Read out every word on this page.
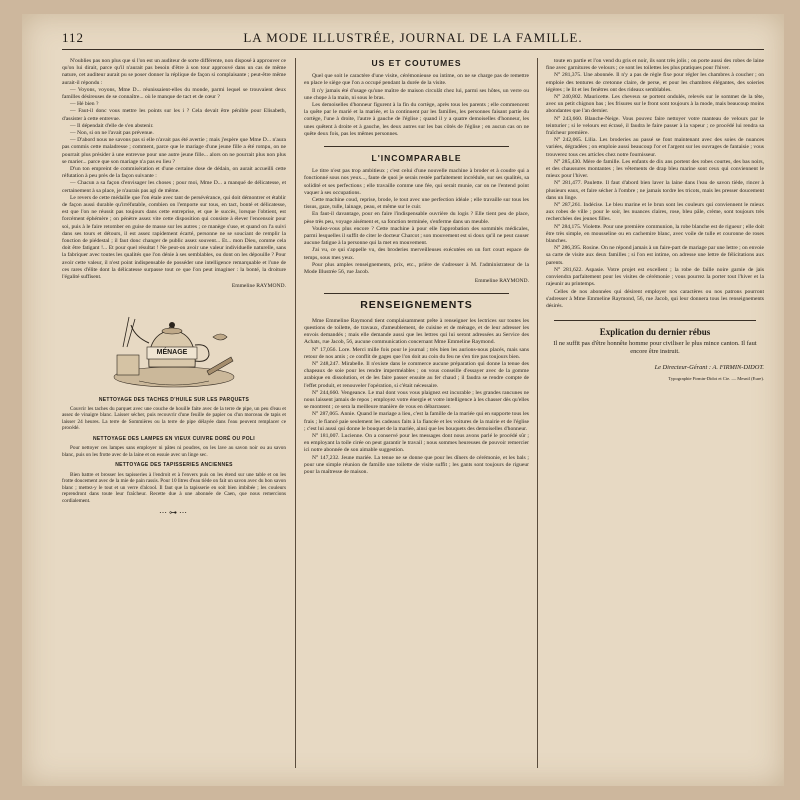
112	LA MODE ILLUSTRÉE, JOURNAL DE LA FAMILLE.

N'oublies pas non plus que si l'on est un auditeur de sorte différente, non disposé à approuver ce qu'on lui dirait, parce qu'il n'aurait pas besoin d'être à son tour approuvé dans un cas de même nature, cet auditeur aurait pu se poser donner la réplique de façon si complaisante ; peut-être même aurait-il répondu :

— Voyons, voyons, Mme D... réunissaient-elles du monde, parmi lequel se trouvaient deux familles désireuses de se connaître... où le manque de tact et de cœur ?

— Hé bien ?

— Faut-il donc vous mettre les points sur les i ? Cela devait être pénible pour Elisabeth, d'assister à cette entrevue.

— Il dépendait d'elle de s'en abstenir.

— Non, si on ne l'avait pas prévenue.

— D'abord nous ne savons pas si elle n'avait pas été avertie ; mais j'espère que Mme D... n'aura pas commis cette maladresse ; comment, parce que le mariage d'une jeune fille a été rompu, on ne pourrait plus présider à une entrevue pour une autre jeune fille... alors on ne pourrait plus non plus se marier... parce que son mariage n'a pas eu lieu ?

D'un ton empreint de commisération et d'une certaine dose de dédain, on aurait accueilli cette réfutation à peu près de la façon suivante :

— Chacun a sa façon d'envisager les choses ; pour moi, Mme D... a manqué de délicatesse, et certainement à sa place, je n'aurais pas agi de même.

Le revers de cette médaille que l'on étale avec tant de persévérance, qui doit démontrer et établir de façon aussi durable qu'irréfutable, combien on l'emporte sur tous, en tact, bonté et délicatesse, est que l'on ne réussit pas toujours dans cette entreprise, et que le succès, lorsque l'obtient, est forcément éphémère ; on pénètre assez vite cette disposition qui consiste à élever l'encensoir pour soi, puis à le faire retomber en guise de masse sur les autres ; ce manège s'use, et quand on l'a suivi dans ses tours et détours, il est assez rapidement écarté, personne ne se souciant de remplir la fonction de piédestal ; il faut donc changer de public assez souvent... Et... mon Dieu, comme cela doit être fatigant !... Et pour quel résultat ! Ne peut-on avoir une valeur individuelle naturelle, sans la fabriquer avec toutes les qualités que l'on dénie à ses semblables, ou dont on les dépouille ? Pour avoir cette valeur, il n'est point indispensable de posséder une intelligence remarquable et l'une de ces rares d'élite dont la délicatesse surpasse tout ce que l'on peut imaginer : la bonté, la droiture l'égalité suffisent.

Emmeline RAYMOND.
MÉNAGE
NETTOYAGE DES TACHES D'HUILE SUR LES PARQUETS

Couvrir les taches du parquet avec une couche de houille faite avec de la terre de pipe, un peu d'eau et assez de vinaigre blanc. Laisser sécher, puis recouvrir d'une feuille de papier ou d'un morceau de tapis et laisser 24 heures. La terre de Sommières ou la terre de pipe délayée dans l'eau peuvent remplacer ce procédé.

NETTOYAGE DES LAMPES EN VIEUX CUIVRE DORÉ OU POLI

Pour nettoyer ces lampes sans employer ni pâtes ni poudres, on les lave au savon noir ou au savon blanc, puis on les frotte avec de la laine et on essuie avec un linge sec.

NETTOYAGE DES TAPISSERIES ANCIENNES

Bien battre et brosser les tapisseries à l'endroit et à l'envers puis on les étend sur une table et on les frotte doucement avec de la mie de pain rassis. Pour 10 litres d'eau tiède on fait un savon avec du bon savon blanc ; mettez-y le tout et un verre d'alcool. Il faut que la tapisserie en soit bien imbibée ; les couleurs reprendront dans toute leur fraîcheur. Recette due à une abonnée de Caen, que nous remercions cordialement.

⋯⊶⋯
US ET COUTUMES

Quel que soit le caractère d'une visite, cérémonieuse ou intime, on ne se charge pas de remettre en place le siège que l'on a occupé pendant la durée de la visite.

Il n'y jamais été d'usage qu'une maître de maison circulât chez lui, parmi ses hôtes, un verre ou une chope à la main, ni sous le bras.

Les demoiselles d'honneur figurent à la fin du cortège, après tous les parents ; elle commencent la quête par le marié et la mariée, et la continuent par les familles, les personnes faisant partie du cortège, l'une à droite, l'autre à gauche de l'église ; quand il y a quatre demoiselles d'honneur, les unes quêtent à droite et à gauche, les deux autres sur les bas côtés de l'église ; en aucun cas on ne quête deux fois, pas les mêmes personnes.

L'INCOMPARABLE

Le titre n'est pas trop ambitieux ; c'est celui d'une nouvelle machine à broder et à coudre qui a fonctionné sous nos yeux..., faute de quoi je serais restée parfaitement incrédule, sur ses qualités, sa solidité et ses perfections ; elle travaille comme une fée, qui serait munie, car on ne l'entend point vaquer à ses occupations.

Cette machine coud, reprise, brode, le tout avec une perfection idéale ; elle travaille sur tous les tissus, gaze, tulle, lainage, peau, et même sur le cuir.

En faut-il davantage, pour en faire l'indispensable ouvrière du logis ? Elle tient peu de place, pèse très peu, voyage aisément et, sa fonction terminée, s'enferme dans un meuble.

Voulez-vous plus encore ? Cette machine à pour elle l'approbation des sommités médicales, parmi lesquelles il suffit de citer le docteur Charcot ; son mouvement est si doux qu'il ne peut causer aucune fatigue à la personne qui la met en mouvement.

J'ai vu, ce qui s'appelle vu, des broderies merveilleuses exécutées en un fort court espace de temps, sous mes yeux.

Pour plus amples renseignements, prix, etc., prière de s'adresser à M. l'administrateur de la Mode Illustrée 56, rue Jacob.

Emmeline RAYMOND.
RENSEIGNEMENTS

Mme Emmeline Raymond tient complaisamment prête à renseigner les lectrices sur toutes les questions de toilette, de travaux, d'ameublement, de cuisine et de ménage, et de leur adresser les envois demandés ; mais elle demande aussi que les lettres qui lui seront adressées au Service des Achats, rue Jacob, 56, aucune communication concernant Mme Emmeline Raymond.

N° 17,056. Lore. Merci mille fois pour le journal ; très bien les aurions-nous placés, mais sans retour de nos amis ; ce conflit de gages que l'on doit au coin du feu ne s'en tire pas toujours bien.

N° 248,247. Mirabelle. Il n'existe dans le commerce aucune préparation qui donne la tenue des chapeaux de soie pour les rendre imperméables ; on vous conseille d'essayer avec de la gomme arabique en dissolution, et de les faire passer ensuite au fer chaud ; il faudra se rendre compte de l'effet produit, et renouveler l'opération, si c'était nécessaire.

N° 244,660. Vengeance. Le mal dont vous vous plaignez est incurable ; les grandes rancunes ne nous laissent jamais de repos ; employez votre énergie et votre intelligence à les chasser dès qu'elles se montrent ; ce sera la meilleure manière de vous en débarrasser.

N° 287,065. Annie. Quand le mariage a lieu, c'est la famille de la mariée qui en supporte tous les frais ; le fiancé paie seulement les cadeaux faits à la fiancée et les voitures de la mairie et de l'église ; c'est lui aussi qui donne le bouquet de la mariée, ainsi que les bouquets des demoiselles d'honneur.

N° 181,007. Lucienne. On a conservé pour les messages dont nous avons parlé le procédé sûr ; en employant la toile cirée on peut garantir le travail ; nous sommes heureuses de pouvoir remercier ici notre abonnée de son aimable suggestion.

N° 147,232. Jeune mariée. La tenue ne se donne que pour les dîners de cérémonie, et les bals ; pour une simple réunion de famille une toilette de visite suffit ; les gants sont toujours de rigueur pour la maîtresse de maison.

toute en partie et l'on vend du gris et noir, ils sont très jolis ; on porte aussi des robes de laine fine avec garnitures de velours ; ce sont les toilettes les plus pratiques pour l'hiver.

N° 281,375. Une abonnée. Il n'y a pas de règle fixe pour régler les chambres à coucher ; on emploie des tentures de cretonne claire, de perse, et pour les chambres élégantes, des soieries légères ; le lit et les fenêtres ont des rideaux semblables.

N° 240,802. Mauricette. Les cheveux se portent ondulés, relevés sur le sommet de la tête, avec un petit chignon bas ; les frisures sur le front sont toujours à la mode, mais beaucoup moins abondantes que l'an dernier.

N° 243,660. Blanche-Neige. Vous pouvez faire nettoyer votre manteau de velours par le teinturier ; si le velours est écrasé, il faudra le faire passer à la vapeur ; ce procédé lui rendra sa fraîcheur première.

N° 242,065. Lilia. Les broderies au passé se font maintenant avec des soies de nuances variées, dégradées ; on emploie aussi beaucoup l'or et l'argent sur les ouvrages de fantaisie ; vous trouverez tous ces articles chez notre fournisseur.

N° 285,430. Mère de famille. Les enfants de dix ans portent des robes courtes, des bas noirs, et des chaussures montantes ; les vêtements de drap bleu marine sont ceux qui conviennent le mieux pour l'hiver.

N° 281,477. Paulette. Il faut d'abord bien laver la laine dans l'eau de savon tiède, rincer à plusieurs eaux, et faire sécher à l'ombre ; ne jamais tordre les tricots, mais les presser doucement dans un linge.

N° 287,261. Indécise. Le bleu marine et le brun sont les couleurs qui conviennent le mieux aux robes de ville ; pour le soir, les nuances claires, rose, bleu pâle, crème, sont toujours très recherchées des jeunes filles.

N° 284,175. Violette. Pour une première communion, la robe blanche est de rigueur ; elle doit être très simple, en mousseline ou en cachemire blanc, avec voile de tulle et couronne de roses blanches.

N° 286,395. Rosine. On ne répond jamais à un faire-part de mariage par une lettre ; on envoie sa carte de visite aux deux familles ; si l'on est intime, on adresse une lettre de félicitations aux parents.

N° 281,622. Aspasie. Votre projet est excellent ; la robe de faille noire garnie de jais conviendra parfaitement pour les visites de cérémonie ; vous pourrez la porter tout l'hiver et la rajeunir au printemps.

Celles de nos abonnées qui désirent employer nos caractères ou nos patrons pourront s'adresser à Mme Emmeline Raymond, 56, rue Jacob, qui leur donnera tous les renseignements désirés.

Explication du dernier rébus
Il ne suffit pas d'être honnête homme pour civiliser le plus mince canton. Il faut encore être instruit.
Le Directeur-Gérant : A. FIRMIN-DIDOT.
Typographie Firmin-Didot et Cie. — Mesnil (Eure).
